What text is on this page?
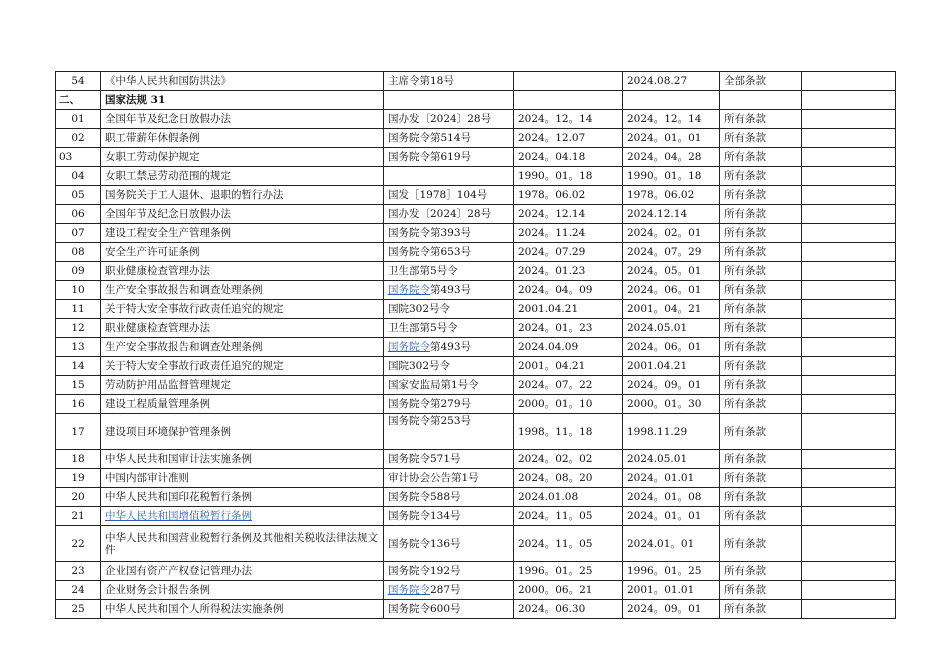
54	《中华人民共和国防洪法》	主席令第18号		2024.08.27	全部条款	
二、	国家法规 31					
01	全国年节及纪念日放假办法	国办发〔2024〕28号	2024。12。14	2024。12。14	所有条款	
02	职工带薪年休假条例	国务院令第514号	2024。12.07	2024。01。01	所有条款	
03	女职工劳动保护规定	国务院令第619号	2024。04.18	2024。04。28	所有条款	
04	女职工禁忌劳动范围的规定		1990。01。18	1990。01。18	所有条款	
05	国务院关于工人退休、退职的暂行办法	国发［1978］104号	1978。06.02	1978。06.02	所有条款	
06	全国年节及纪念日放假办法	国办发〔2024〕28号	2024。12.14	2024.12.14	所有条款	
07	建设工程安全生产管理条例	国务院令第393号	2024。11.24	2024。02。01	所有条款	
08	安全生产许可证条例	国务院令第653号	2024。07.29	2024。07。29	所有条款	
09	职业健康检查管理办法	卫生部第5号令	2024。01.23	2024。05。01	所有条款	
10	生产安全事故报告和调查处理条例	国务院令第493号	2024。04。09	2024。06。01	所有条款	
11	关于特大安全事故行政责任追究的规定	国院302号令	2001.04.21	2001。04。21	所有条款	
12	职业健康检查管理办法	卫生部第5号令	2024。01。23	2024.05.01	所有条款	
13	生产安全事故报告和调查处理条例	国务院令第493号	2024.04.09	2024。06。01	所有条款	
14	关于特大安全事故行政责任追究的规定	国院302号令	2001。04.21	2001.04.21	所有条款	
15	劳动防护用品监督管理规定	国家安监局第1号令	2024。07。22	2024。09。01	所有条款	
16	建设工程质量管理条例	国务院令第279号	2000。01。10	2000。01。30	所有条款	
17	建设项目环境保护管理条例	国务院令第253号	1998。11。18	1998.11.29	所有条款	
18	中华人民共和国审计法实施条例	国务院令571号	2024。02。02	2024.05.01	所有条款	
19	中国内部审计准则	审计协会公告第1号	2024。08。20	2024。01.01	所有条款	
20	中华人民共和国印花税暂行条例	国务院令588号	2024.01.08	2024。01。08	所有条款	
21	中华人民共和国增值税暂行条例	国务院令134号	2024。11。05	2024。01。01	所有条款	
22	中华人民共和国营业税暂行条例及其他相关税收法律法规文件	国务院令136号	2024。11。05	2024.01。01	所有条款	
23	企业国有资产产权登记管理办法	国务院令192号	1996。01。25	1996。01。25	所有条款	
24	企业财务会计报告条例	国务院令287号	2000。06。21	2001。01.01	所有条款	
25	中华人民共和国个人所得税法实施条例	国务院令600号	2024。06.30	2024。09。01	所有条款	
